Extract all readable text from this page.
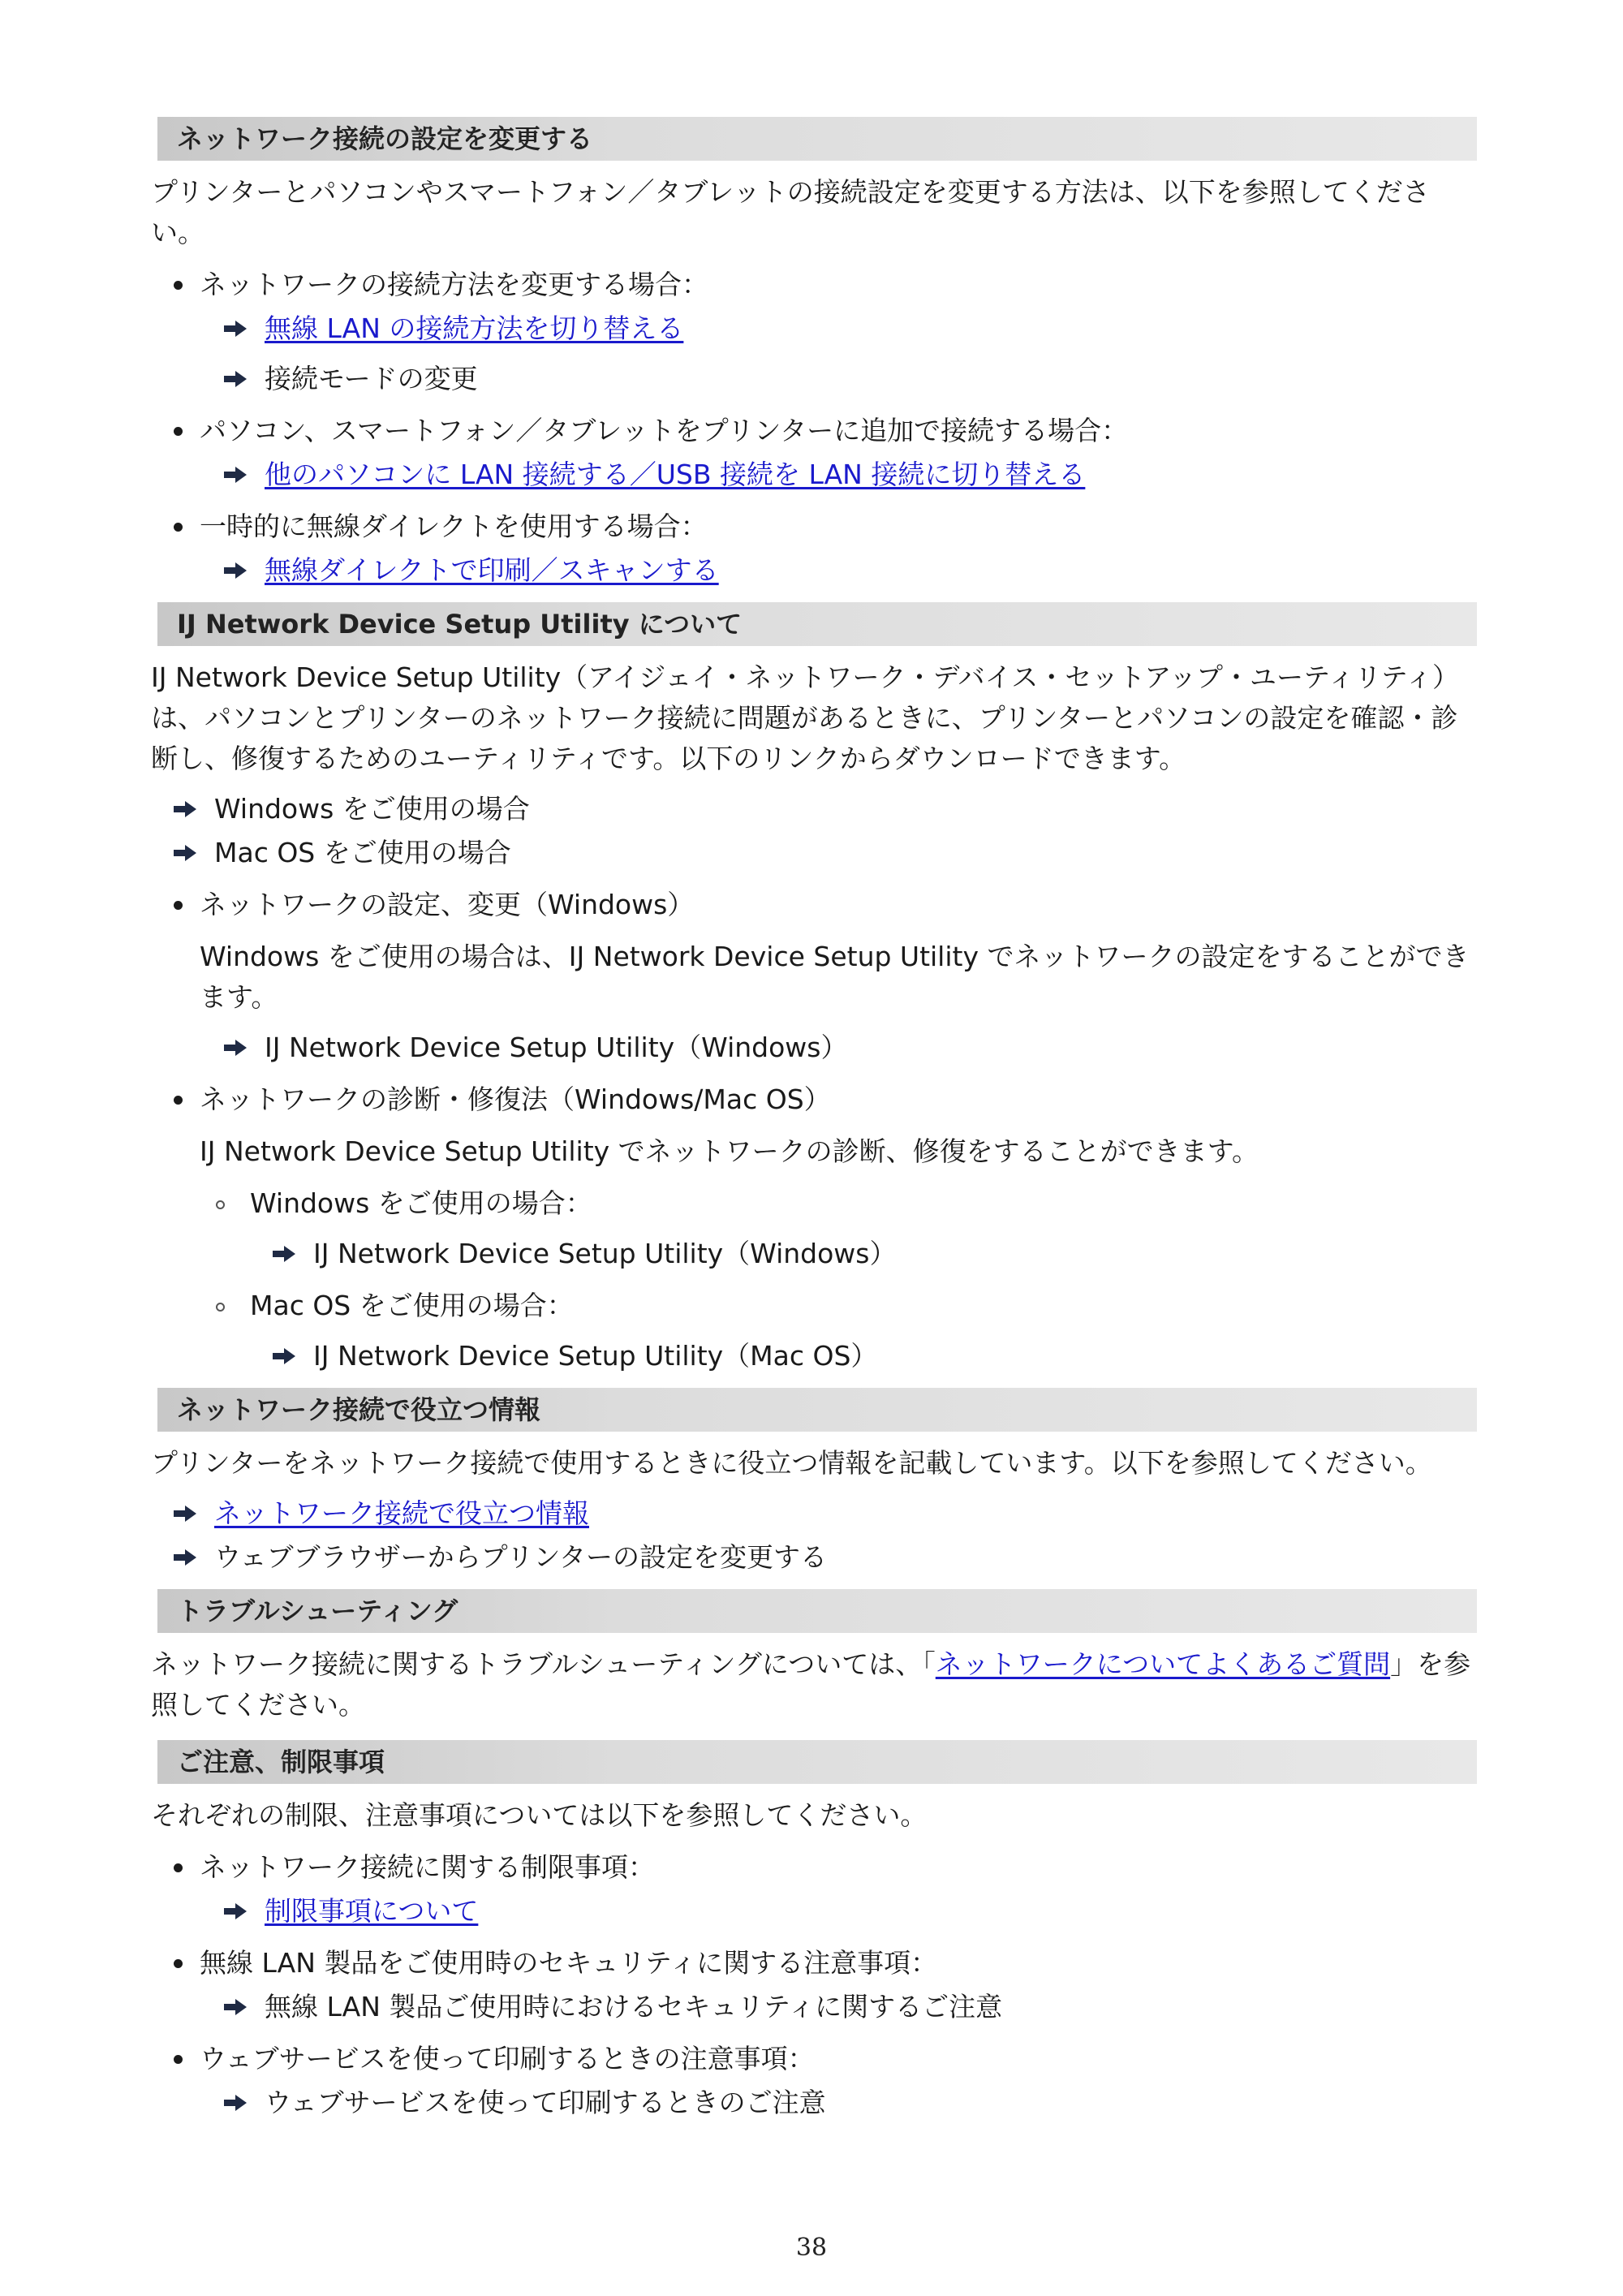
ネットワーク接続の設定を変更する
プリンターとパソコンやスマートフォン／タブレットの接続設定を変更する方法は、以下を参照してください。
ネットワークの接続方法を変更する場合：
無線 LAN の接続方法を切り替える
接続モードの変更
パソコン、スマートフォン／タブレットをプリンターに追加で接続する場合：
他のパソコンに LAN 接続する／USB 接続を LAN 接続に切り替える
一時的に無線ダイレクトを使用する場合：
無線ダイレクトで印刷／スキャンする
IJ Network Device Setup Utility について
IJ Network Device Setup Utility（アイジェイ・ネットワーク・デバイス・セットアップ・ユーティリティ）は、パソコンとプリンターのネットワーク接続に問題があるときに、プリンターとパソコンの設定を確認・診断し、修復するためのユーティリティです。以下のリンクからダウンロードできます。
Windows をご使用の場合
Mac OS をご使用の場合
ネットワークの設定、変更（Windows）
Windows をご使用の場合は、IJ Network Device Setup Utility でネットワークの設定をすることができます。
IJ Network Device Setup Utility（Windows）
ネットワークの診断・修復法（Windows/Mac OS）
IJ Network Device Setup Utility でネットワークの診断、修復をすることができます。
Windows をご使用の場合：
IJ Network Device Setup Utility（Windows）
Mac OS をご使用の場合：
IJ Network Device Setup Utility（Mac OS）
ネットワーク接続で役立つ情報
プリンターをネットワーク接続で使用するときに役立つ情報を記載しています。以下を参照してください。
ネットワーク接続で役立つ情報
ウェブブラウザーからプリンターの設定を変更する
トラブルシューティング
ネットワーク接続に関するトラブルシューティングについては、「ネットワークについてよくあるご質問」を参照してください。
ご注意、制限事項
それぞれの制限、注意事項については以下を参照してください。
ネットワーク接続に関する制限事項：
制限事項について
無線 LAN 製品をご使用時のセキュリティに関する注意事項：
無線 LAN 製品ご使用時におけるセキュリティに関するご注意
ウェブサービスを使って印刷するときの注意事項：
ウェブサービスを使って印刷するときのご注意
38
